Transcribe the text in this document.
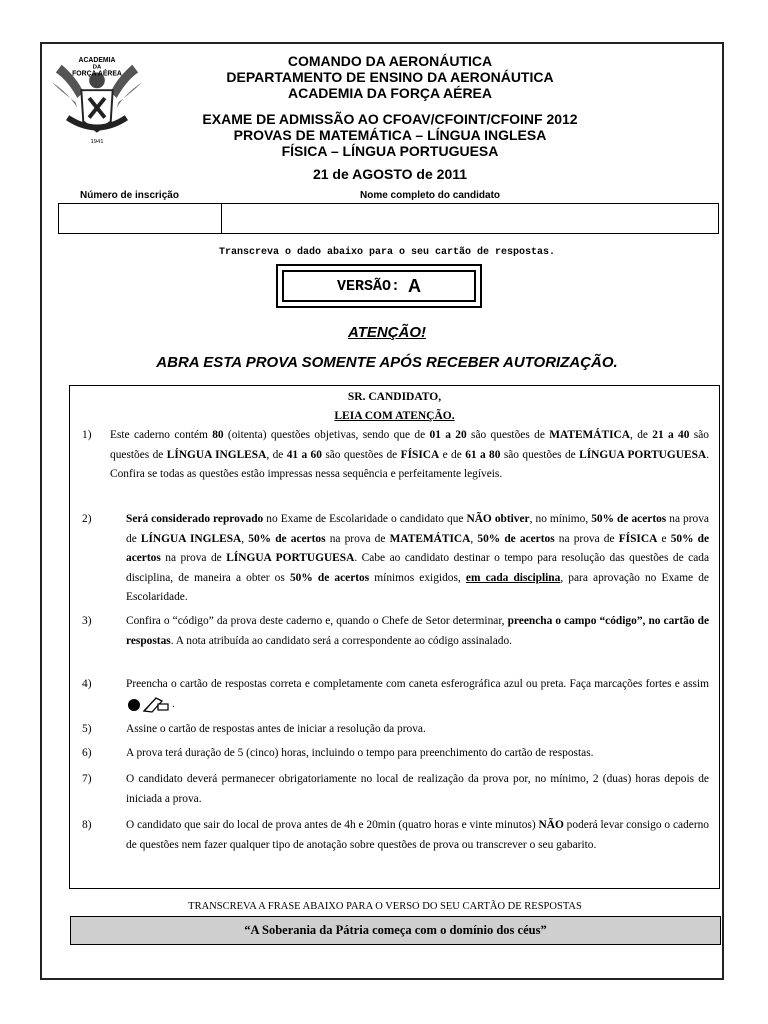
ACADEMIA
DA
FORÇA AÉREA
1941
COMANDO DA AERONÁUTICA
DEPARTAMENTO DE ENSINO DA AERONÁUTICA
ACADEMIA DA FORÇA AÉREA
EXAME DE ADMISSÃO AO CFOAV/CFOINT/CFOINF 2012
PROVAS DE MATEMÁTICA – LÍNGUA INGLESA
FÍSICA – LÍNGUA PORTUGUESA
21 de AGOSTO de 2011
Número de inscrição	Nome completo do candidato
Transcreva o dado abaixo para o seu cartão de respostas.
VERSÃO: A
ATENÇÃO!
ABRA ESTA PROVA SOMENTE APÓS RECEBER AUTORIZAÇÃO.
SR. CANDIDATO,
LEIA COM ATENÇÃO.
1) Este caderno contém 80 (oitenta) questões objetivas, sendo que de 01 a 20 são questões de MATEMÁTICA, de 21 a 40 são questões de LÍNGUA INGLESA, de 41 a 60 são questões de FÍSICA e de 61 a 80 são questões de LÍNGUA PORTUGUESA. Confira se todas as questões estão impressas nessa sequência e perfeitamente legíveis.
2)	Será considerado reprovado no Exame de Escolaridade o candidato que NÃO obtiver, no mínimo, 50% de acertos na prova de LÍNGUA INGLESA, 50% de acertos na prova de MATEMÁTICA, 50% de acertos na prova de FÍSICA e 50% de acertos na prova de LÍNGUA PORTUGUESA. Cabe ao candidato destinar o tempo para resolução das questões de cada disciplina, de maneira a obter os 50% de acertos mínimos exigidos, em cada disciplina, para aprovação no Exame de Escolaridade.
3)	Confira o “código” da prova deste caderno e, quando o Chefe de Setor determinar, preencha o campo “código”, no cartão de respostas. A nota atribuída ao candidato será a correspondente ao código assinalado.
4)	Preencha o cartão de respostas correta e completamente com caneta esferográfica azul ou preta. Faça marcações fortes e assim .
5)	Assine o cartão de respostas antes de iniciar a resolução da prova.
6)	A prova terá duração de 5 (cinco) horas, incluindo o tempo para preenchimento do cartão de respostas.
7)	O candidato deverá permanecer obrigatoriamente no local de realização da prova por, no mínimo, 2 (duas) horas depois de iniciada a prova.
8)	O candidato que sair do local de prova antes de 4h e 20min (quatro horas e vinte minutos) NÃO poderá levar consigo o caderno de questões nem fazer qualquer tipo de anotação sobre questões de prova ou transcrever o seu gabarito.
TRANSCREVA A FRASE ABAIXO PARA O VERSO DO SEU CARTÃO DE RESPOSTAS
“A Soberania da Pátria começa com o domínio dos céus”
